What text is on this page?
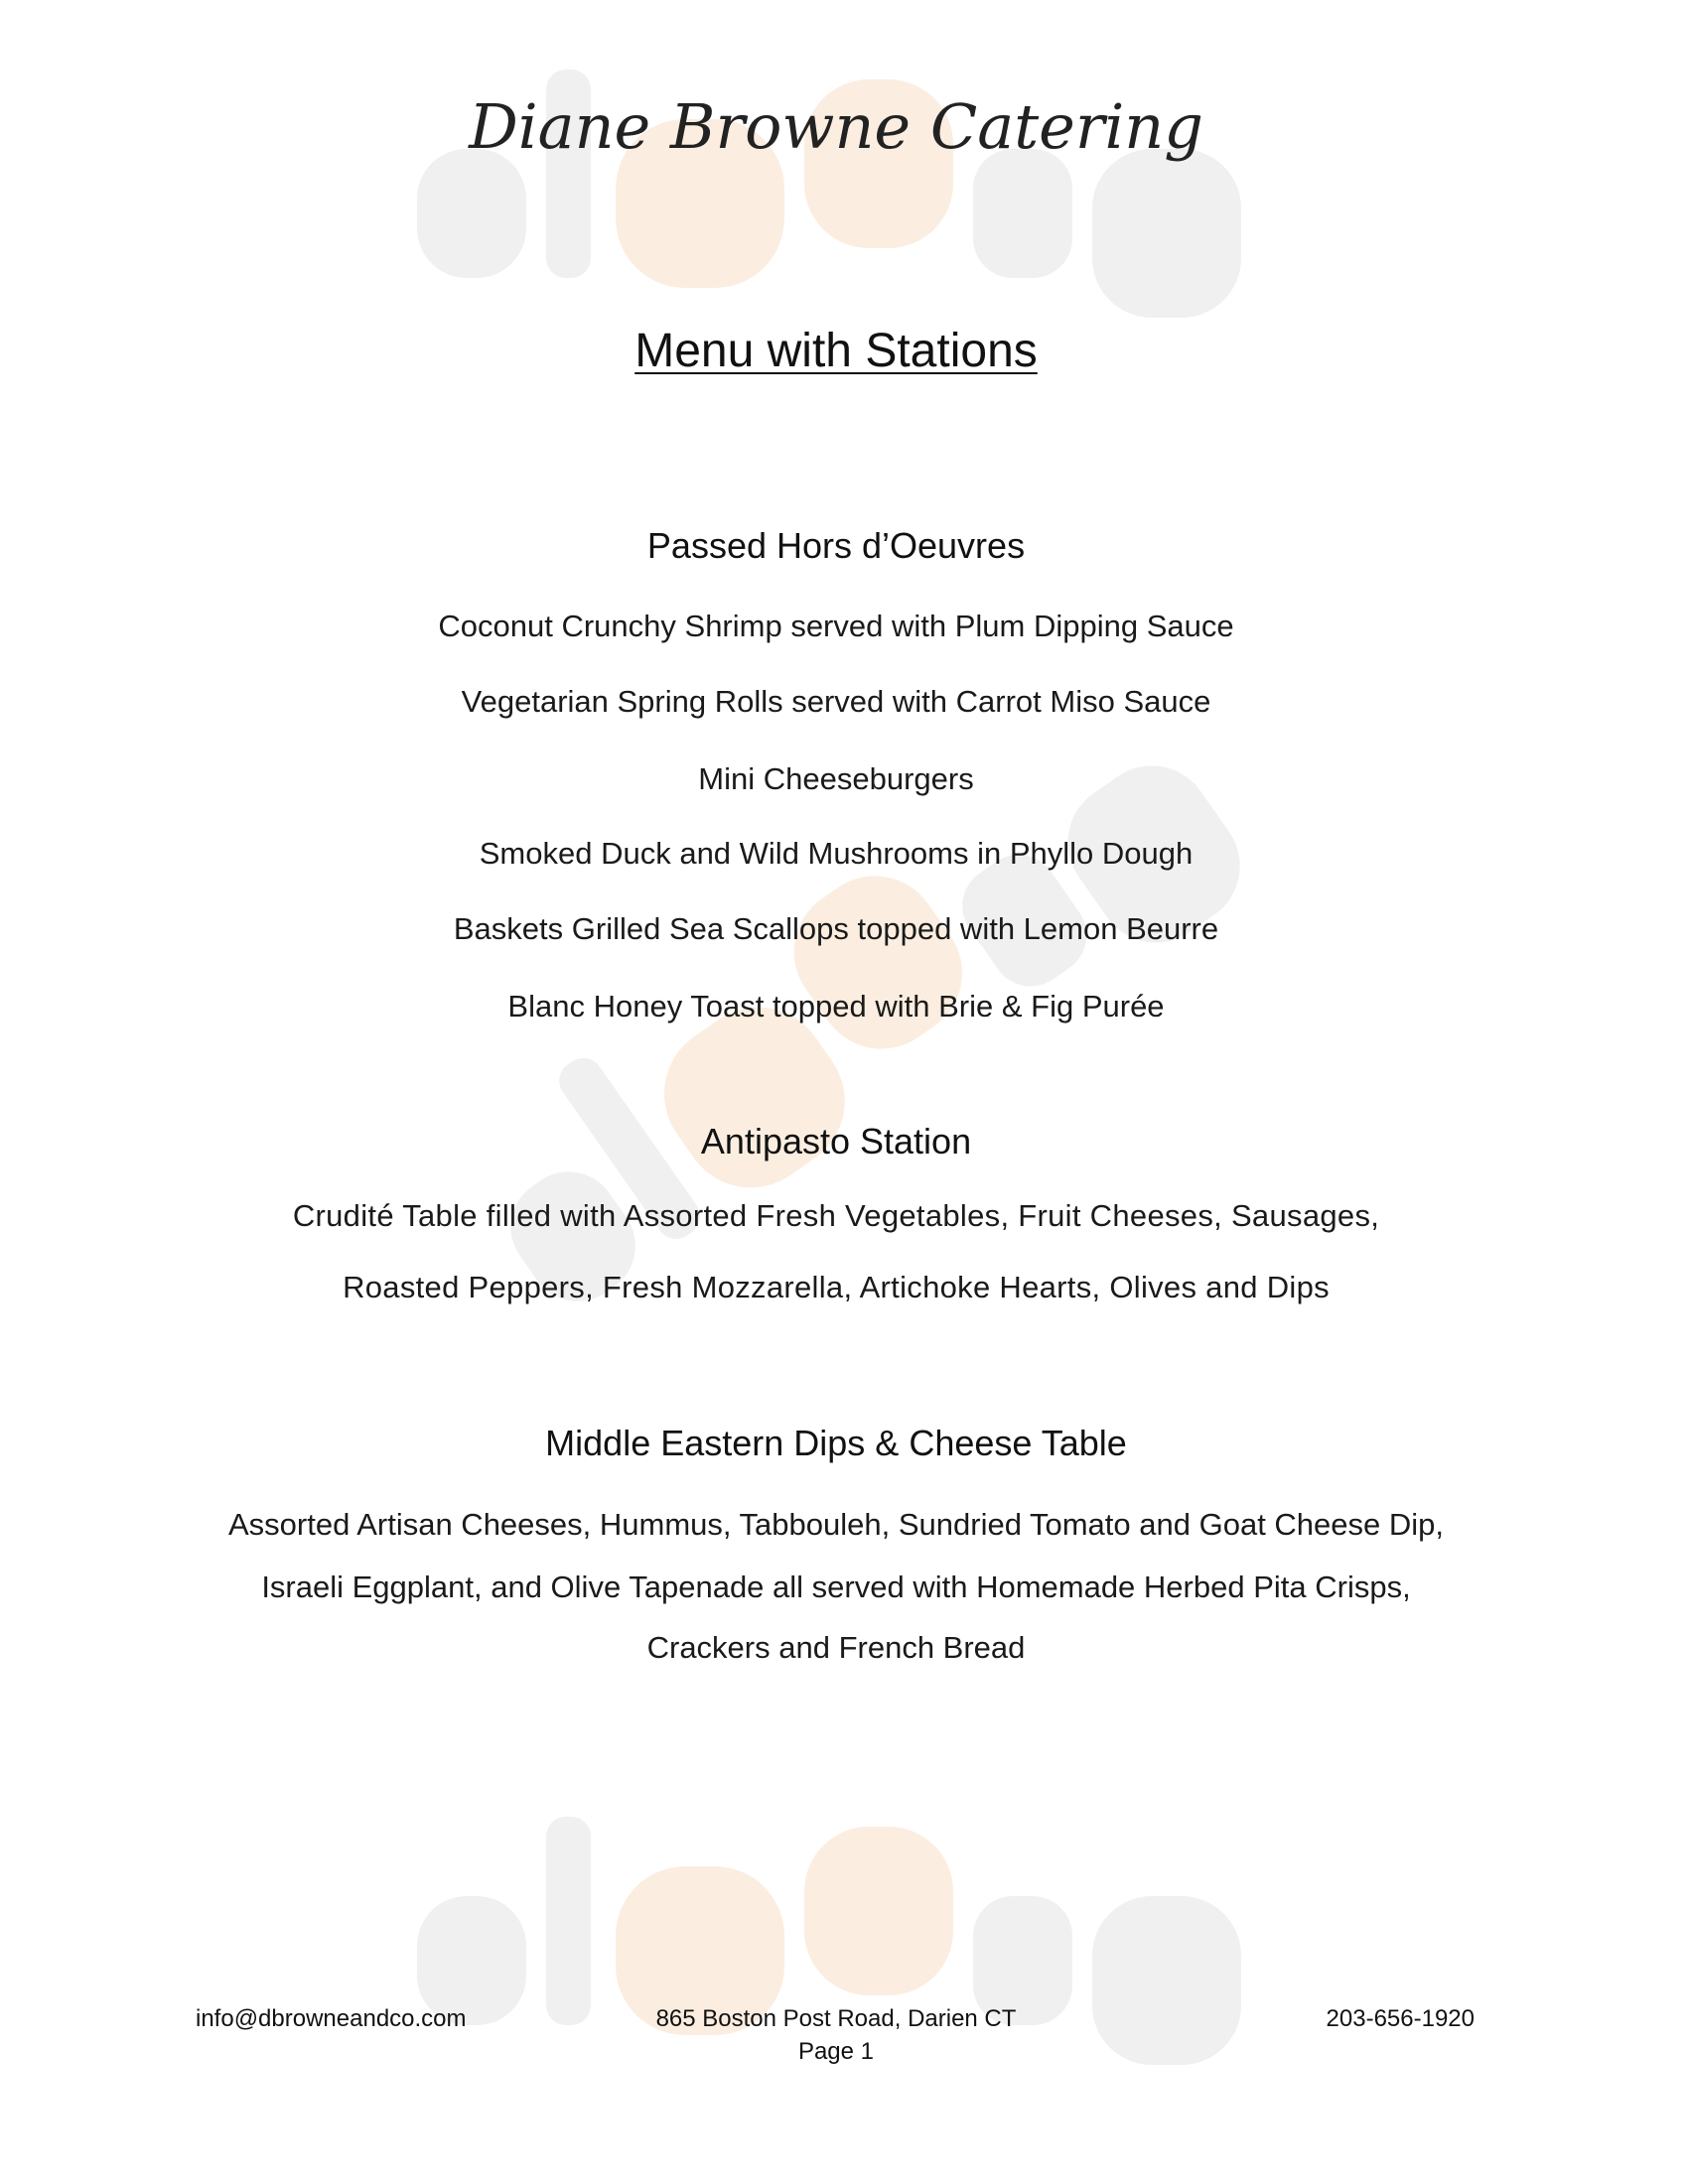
Diane Browne Catering
Menu with Stations
Passed Hors d’Oeuvres
Coconut Crunchy Shrimp served with Plum Dipping Sauce
Vegetarian Spring Rolls served with Carrot Miso Sauce
Mini Cheeseburgers
Smoked Duck and Wild Mushrooms in Phyllo Dough
Baskets Grilled Sea Scallops topped with Lemon Beurre
Blanc Honey Toast topped with Brie & Fig Purée
Antipasto Station
Crudité Table filled with Assorted Fresh Vegetables, Fruit Cheeses, Sausages,
Roasted Peppers, Fresh Mozzarella, Artichoke Hearts, Olives and Dips
Middle Eastern Dips & Cheese Table
Assorted Artisan Cheeses, Hummus, Tabbouleh, Sundried Tomato and Goat Cheese Dip,
Israeli Eggplant, and Olive Tapenade all served with Homemade Herbed Pita Crisps,
Crackers and French Bread
info@dbrowneandco.com	865 Boston Post Road, Darien CT	203-656-1920
Page 1
